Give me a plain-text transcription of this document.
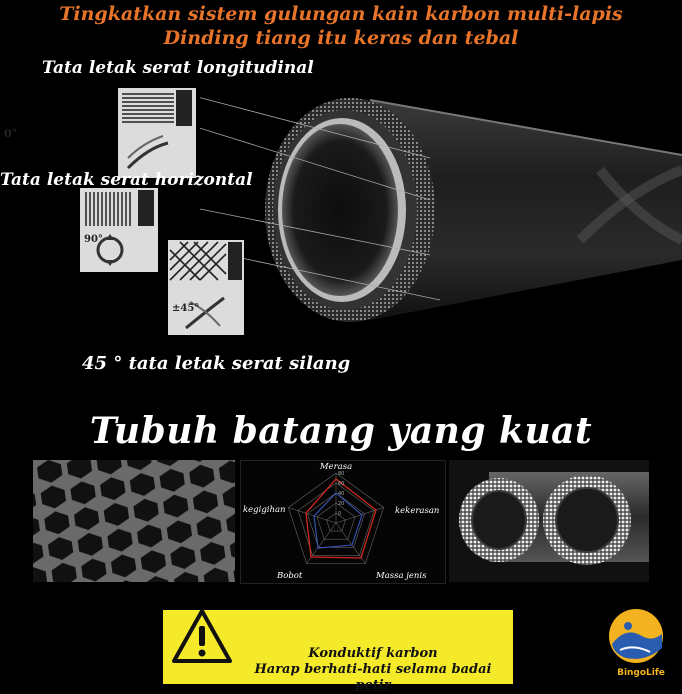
Tingkatkan sistem gulungan kain karbon multi-lapis
Dinding tiang itu keras dan tebal
0°
90°
±45°
Tata letak serat longitudinal
Tata letak serat horizontal
45 ° tata letak serat silang
Tubuh batang yang kuat
0
20
40
60
80
Merasa
kekerasan
Massa jenis
Bobot
kegigihan
Konduktif karbon
Harap berhati-hati selama badai petir
BingoLife
